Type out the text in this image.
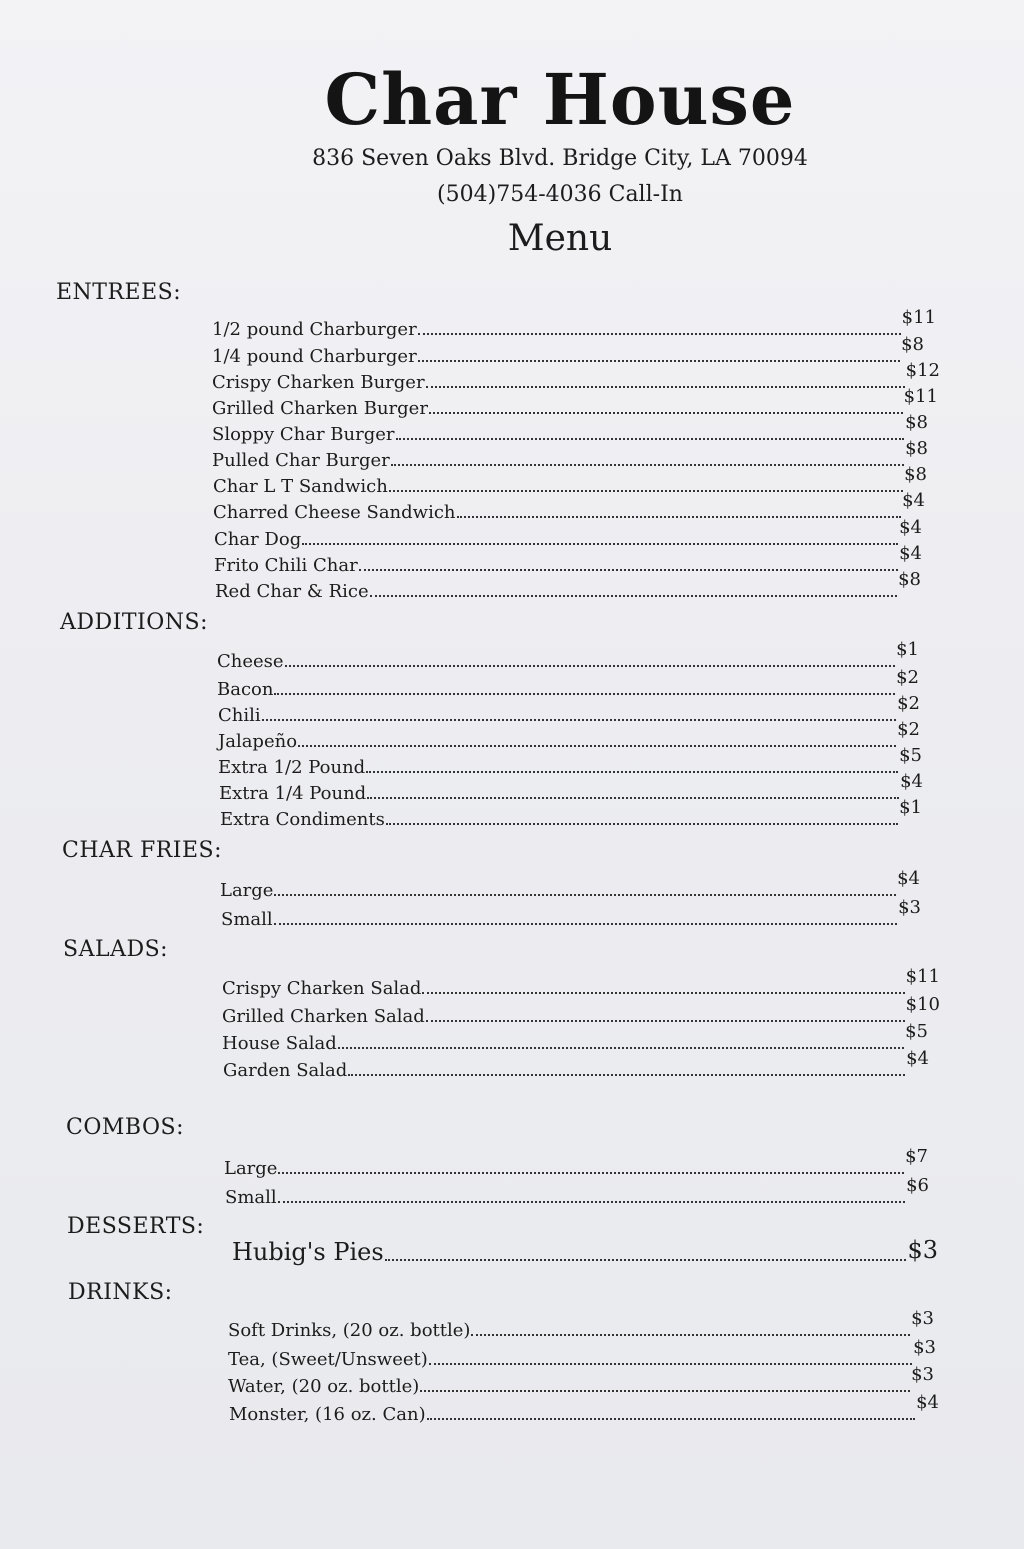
Char House
836 Seven Oaks Blvd. Bridge City, LA 70094
(504)754-4036 Call-In
Menu
ENTREES:
1/2 pound Charburger
$11
1/4 pound Charburger
$8
Crispy Charken Burger
$12
Grilled Charken Burger
$11
Sloppy Char Burger
$8
Pulled Char Burger
$8
Char L T Sandwich
$8
Charred Cheese Sandwich
$4
Char Dog
$4
Frito Chili Char
$4
Red Char & Rice
$8
ADDITIONS:
Cheese
$1
Bacon
$2
Chili
$2
Jalapeño
$2
Extra 1/2 Pound
$5
Extra 1/4 Pound
$4
Extra Condiments
$1
CHAR FRIES:
Large
$4
Small
$3
SALADS:
Crispy Charken Salad
$11
Grilled Charken Salad
$10
House Salad
$5
Garden Salad
$4
COMBOS:
Large
$7
Small
$6
DESSERTS:
Hubig's Pies	$3
DRINKS:
Soft Drinks, (20 oz. bottle)
$3
Tea, (Sweet/Unsweet)
$3
Water, (20 oz. bottle)
$3
Monster, (16 oz. Can)
$4
